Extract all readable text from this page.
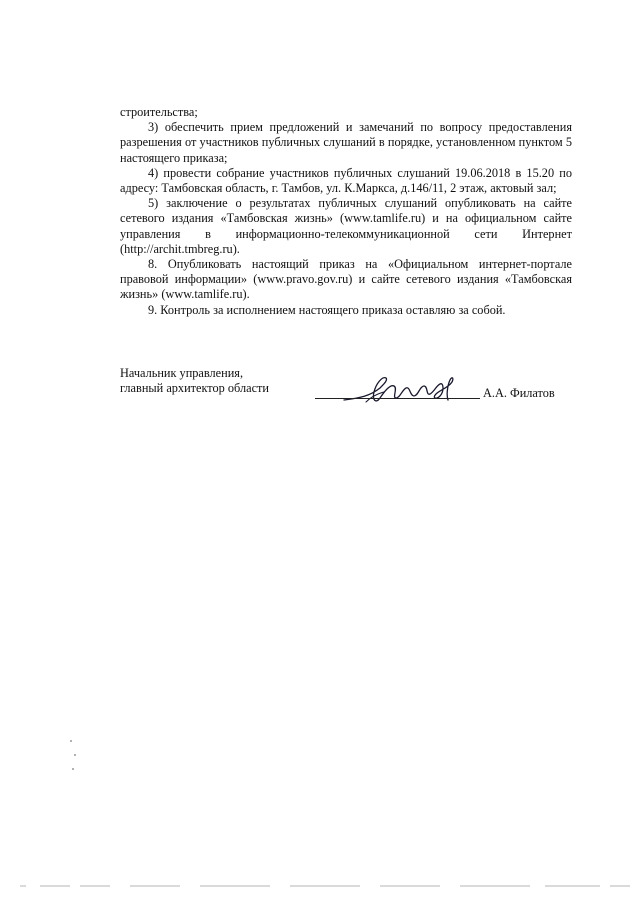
строительства;

3) обеспечить прием предложений и замечаний по вопросу предоставления разрешения от участников публичных слушаний в порядке, установленном пунктом 5 настоящего приказа;

4) провести собрание участников публичных слушаний 19.06.2018 в 15.20 по адресу: Тамбовская область, г. Тамбов, ул. К.Маркса, д.146/11, 2 этаж, актовый зал;

5) заключение о результатах публичных слушаний опубликовать на сайте сетевого издания «Тамбовская жизнь» (www.tamlife.ru) и на официальном сайте управления в информационно-телекоммуникационной сети Интернет (http://archit.tmbreg.ru).

8. Опубликовать настоящий приказ на «Официальном интернет-портале правовой информации» (www.pravo.gov.ru) и сайте сетевого издания «Тамбовская жизнь» (www.tamlife.ru).

9. Контроль за исполнением настоящего приказа оставляю за собой.

Начальник управления,
главный архитектор области	А.А. Филатов
